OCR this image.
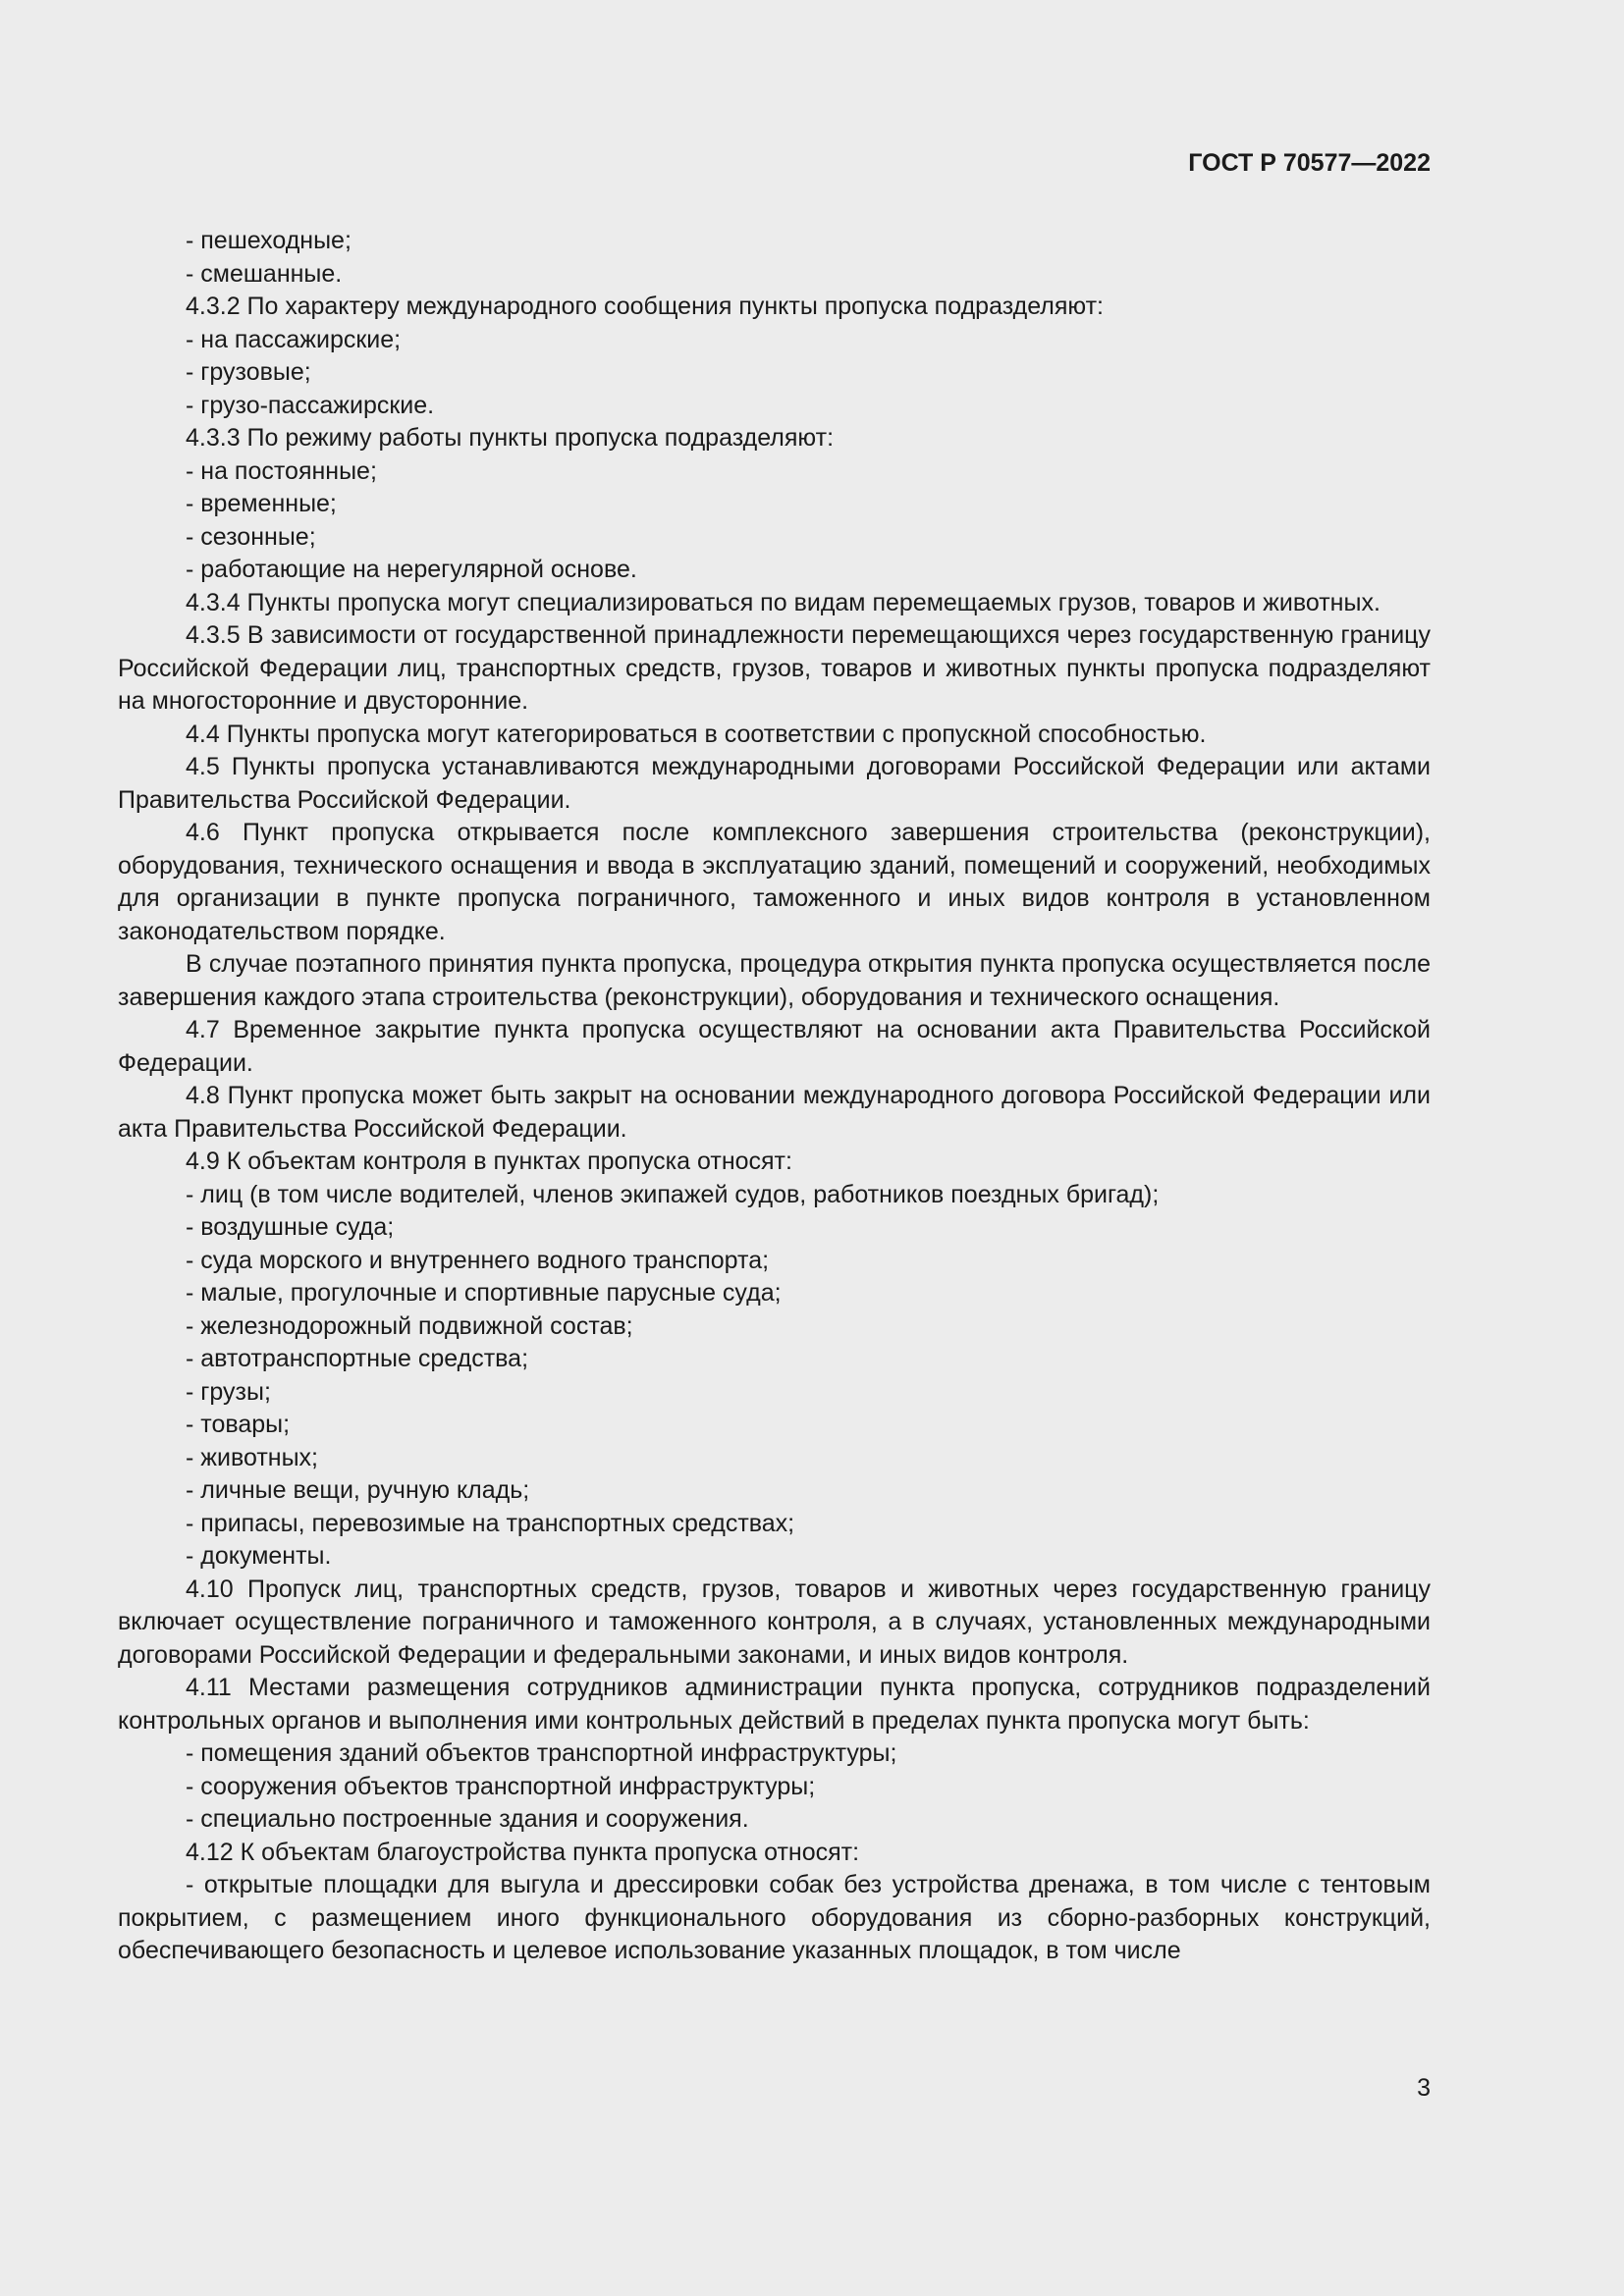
ГОСТ Р 70577—2022
- пешеходные;
- смешанные.
4.3.2 По характеру международного сообщения пункты пропуска подразделяют:
- на пассажирские;
- грузовые;
- грузо-пассажирские.
4.3.3 По режиму работы пункты пропуска подразделяют:
- на постоянные;
- временные;
- сезонные;
- работающие на нерегулярной основе.
4.3.4 Пункты пропуска могут специализироваться по видам перемещаемых грузов, товаров и животных.
4.3.5 В зависимости от государственной принадлежности перемещающихся через государственную границу Российской Федерации лиц, транспортных средств, грузов, товаров и животных пункты пропуска подразделяют на многосторонние и двусторонние.
4.4 Пункты пропуска могут категорироваться в соответствии с пропускной способностью.
4.5 Пункты пропуска устанавливаются международными договорами Российской Федерации или актами Правительства Российской Федерации.
4.6 Пункт пропуска открывается после комплексного завершения строительства (реконструкции), оборудования, технического оснащения и ввода в эксплуатацию зданий, помещений и сооружений, необходимых для организации в пункте пропуска пограничного, таможенного и иных видов контроля в установленном законодательством порядке.
В случае поэтапного принятия пункта пропуска, процедура открытия пункта пропуска осуществляется после завершения каждого этапа строительства (реконструкции), оборудования и технического оснащения.
4.7 Временное закрытие пункта пропуска осуществляют на основании акта Правительства Российской Федерации.
4.8 Пункт пропуска может быть закрыт на основании международного договора Российской Федерации или акта Правительства Российской Федерации.
4.9 К объектам контроля в пунктах пропуска относят:
- лиц (в том числе водителей, членов экипажей судов, работников поездных бригад);
- воздушные суда;
- суда морского и внутреннего водного транспорта;
- малые, прогулочные и спортивные парусные суда;
- железнодорожный подвижной состав;
- автотранспортные средства;
- грузы;
- товары;
- животных;
- личные вещи, ручную кладь;
- припасы, перевозимые на транспортных средствах;
- документы.
4.10 Пропуск лиц, транспортных средств, грузов, товаров и животных через государственную границу включает осуществление пограничного и таможенного контроля, а в случаях, установленных международными договорами Российской Федерации и федеральными законами, и иных видов контроля.
4.11 Местами размещения сотрудников администрации пункта пропуска, сотрудников подразделений контрольных органов и выполнения ими контрольных действий в пределах пункта пропуска могут быть:
- помещения зданий объектов транспортной инфраструктуры;
- сооружения объектов транспортной инфраструктуры;
- специально построенные здания и сооружения.
4.12 К объектам благоустройства пункта пропуска относят:
- открытые площадки для выгула и дрессировки собак без устройства дренажа, в том числе с тентовым покрытием, с размещением иного функционального оборудования из сборно-разборных конструкций, обеспечивающего безопасность и целевое использование указанных площадок, в том числе
3
